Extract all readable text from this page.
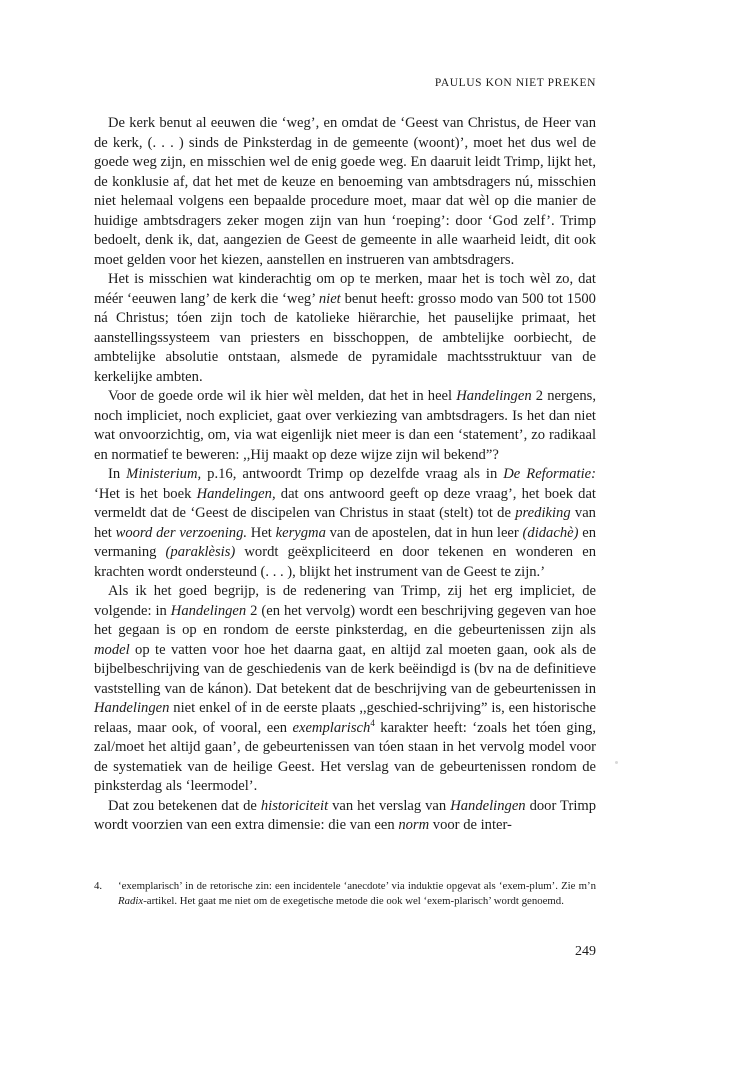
PAULUS KON NIET PREKEN

De kerk benut al eeuwen die ‘weg’, en omdat de ‘Geest van Christus, de Heer van de kerk, (. . . ) sinds de Pinksterdag in de gemeente (woont)’, moet het dus wel de goede weg zijn, en misschien wel de enig goede weg. En daaruit leidt Trimp, lijkt het, de konklusie af, dat het met de keuze en benoeming van ambtsdragers nú, misschien niet helemaal volgens een bepaalde procedure moet, maar dat wèl op die manier de huidige ambtsdragers zeker mogen zijn van hun ‘roeping’: door ‘God zelf’. Trimp bedoelt, denk ik, dat, aangezien de Geest de gemeente in alle waarheid leidt, dit ook moet gelden voor het kiezen, aanstellen en instrueren van ambtsdragers.

Het is misschien wat kinderachtig om op te merken, maar het is toch wèl zo, dat méér ‘eeuwen lang’ de kerk die ‘weg’ niet benut heeft: grosso modo van 500 tot 1500 ná Christus; tóen zijn toch de katolieke hiërarchie, het pauselijke primaat, het aanstellingssysteem van priesters en bisschoppen, de ambtelijke oorbiecht, de ambtelijke absolutie ontstaan, alsmede de pyramidale machtsstruktuur van de kerkelijke ambten.

Voor de goede orde wil ik hier wèl melden, dat het in heel Handelingen 2 nergens, noch impliciet, noch expliciet, gaat over verkiezing van ambtsdragers. Is het dan niet wat onvoorzichtig, om, via wat eigenlijk niet meer is dan een ‘statement’, zo radikaal en normatief te beweren: ,,Hij maakt op deze wijze zijn wil bekend”?

In Ministerium, p.16, antwoordt Trimp op dezelfde vraag als in De Reformatie: ‘Het is het boek Handelingen, dat ons antwoord geeft op deze vraag’, het boek dat vermeldt dat de ‘Geest de discipelen van Christus in staat (stelt) tot de prediking van het woord der verzoening. Het kerygma van de apostelen, dat in hun leer (didachè) en vermaning (paraklèsis) wordt geëxpliciteerd en door tekenen en wonderen en krachten wordt ondersteund (. . . ), blijkt het instrument van de Geest te zijn.’

Als ik het goed begrijp, is de redenering van Trimp, zij het erg impliciet, de volgende: in Handelingen 2 (en het vervolg) wordt een beschrijving gegeven van hoe het gegaan is op en rondom de eerste pinksterdag, en die gebeurtenissen zijn als model op te vatten voor hoe het daarna gaat, en altijd zal moeten gaan, ook als de bijbelbeschrijving van de geschiedenis van de kerk beëindigd is (bv na de definitieve vaststelling van de kánon). Dat betekent dat de beschrijving van de gebeurtenissen in Handelingen niet enkel of in de eerste plaats ,,geschied-schrijving” is, een historische relaas, maar ook, of vooral, een exemplarisch$^4$ karakter heeft: ‘zoals het tóen ging, zal/moet het altijd gaan’, de gebeurtenissen van tóen staan in het vervolg model voor de systematiek van de heilige Geest. Het verslag van de gebeurtenissen rondom de pinksterdag als ‘leermodel’.

Dat zou betekenen dat de historiciteit van het verslag van Handelingen door Trimp wordt voorzien van een extra dimensie: die van een norm voor de inter-

4. ‘exemplarisch’ in de retorische zin: een incidentele ‘anecdote’ via induktie opgevat als ‘exem-plum’. Zie m’n Radix-artikel. Het gaat me niet om de exegetische metode die ook wel ‘exem-plarisch’ wordt genoemd.
249
